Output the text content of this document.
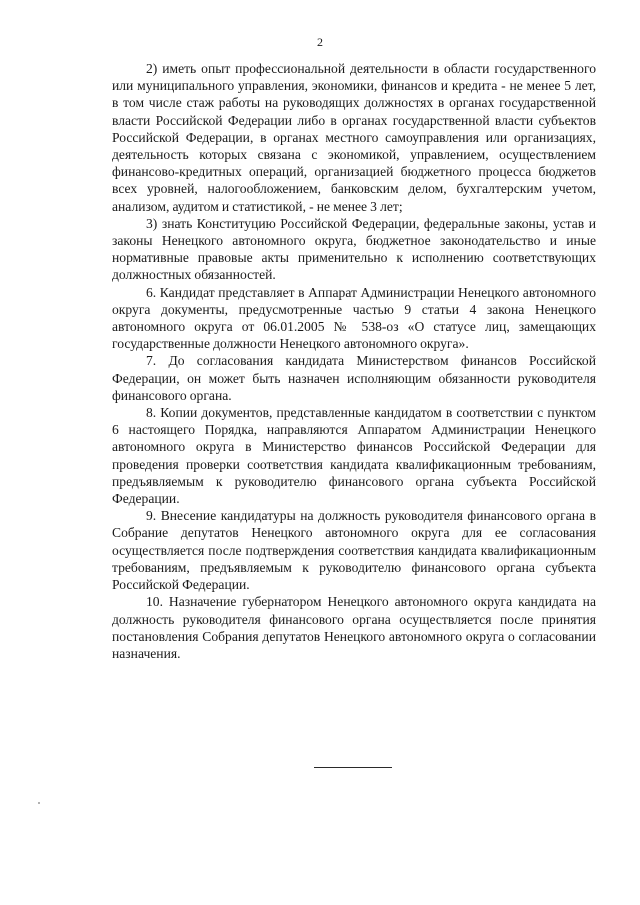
2

2) иметь опыт профессиональной деятельности в области государственного или муниципального управления, экономики, финансов и кредита - не менее 5 лет, в том числе стаж работы на руководящих должностях в органах государственной власти Российской Федерации либо в органах государственной власти субъектов Российской Федерации, в органах местного самоуправления или организациях, деятельность которых связана с экономикой, управлением, осуществлением финансово-кредитных операций, организацией бюджетного процесса бюджетов всех уровней, налогообложением, банковским делом, бухгалтерским учетом, анализом, аудитом и статистикой, - не менее 3 лет;

3) знать Конституцию Российской Федерации, федеральные законы, устав и законы Ненецкого автономного округа, бюджетное законодательство и иные нормативные правовые акты применительно к исполнению соответствующих должностных обязанностей.

6. Кандидат представляет в Аппарат Администрации Ненецкого автономного округа документы, предусмотренные частью 9 статьи 4 закона Ненецкого автономного округа от 06.01.2005 № 538-оз «О статусе лиц, замещающих государственные должности Ненецкого автономного округа».

7. До согласования кандидата Министерством финансов Российской Федерации, он может быть назначен исполняющим обязанности руководителя финансового органа.

8. Копии документов, представленные кандидатом в соответствии с пунктом 6 настоящего Порядка, направляются Аппаратом Администрации Ненецкого автономного округа в Министерство финансов Российской Федерации для проведения проверки соответствия кандидата квалификационным требованиям, предъявляемым к руководителю финансового органа субъекта Российской Федерации.

9. Внесение кандидатуры на должность руководителя финансового органа в Собрание депутатов Ненецкого автономного округа для ее согласования осуществляется после подтверждения соответствия кандидата квалификационным требованиям, предъявляемым к руководителю финансового органа субъекта Российской Федерации.

10. Назначение губернатором Ненецкого автономного округа кандидата на должность руководителя финансового органа осуществляется после принятия постановления Собрания депутатов Ненецкого автономного округа о согласовании назначения.
